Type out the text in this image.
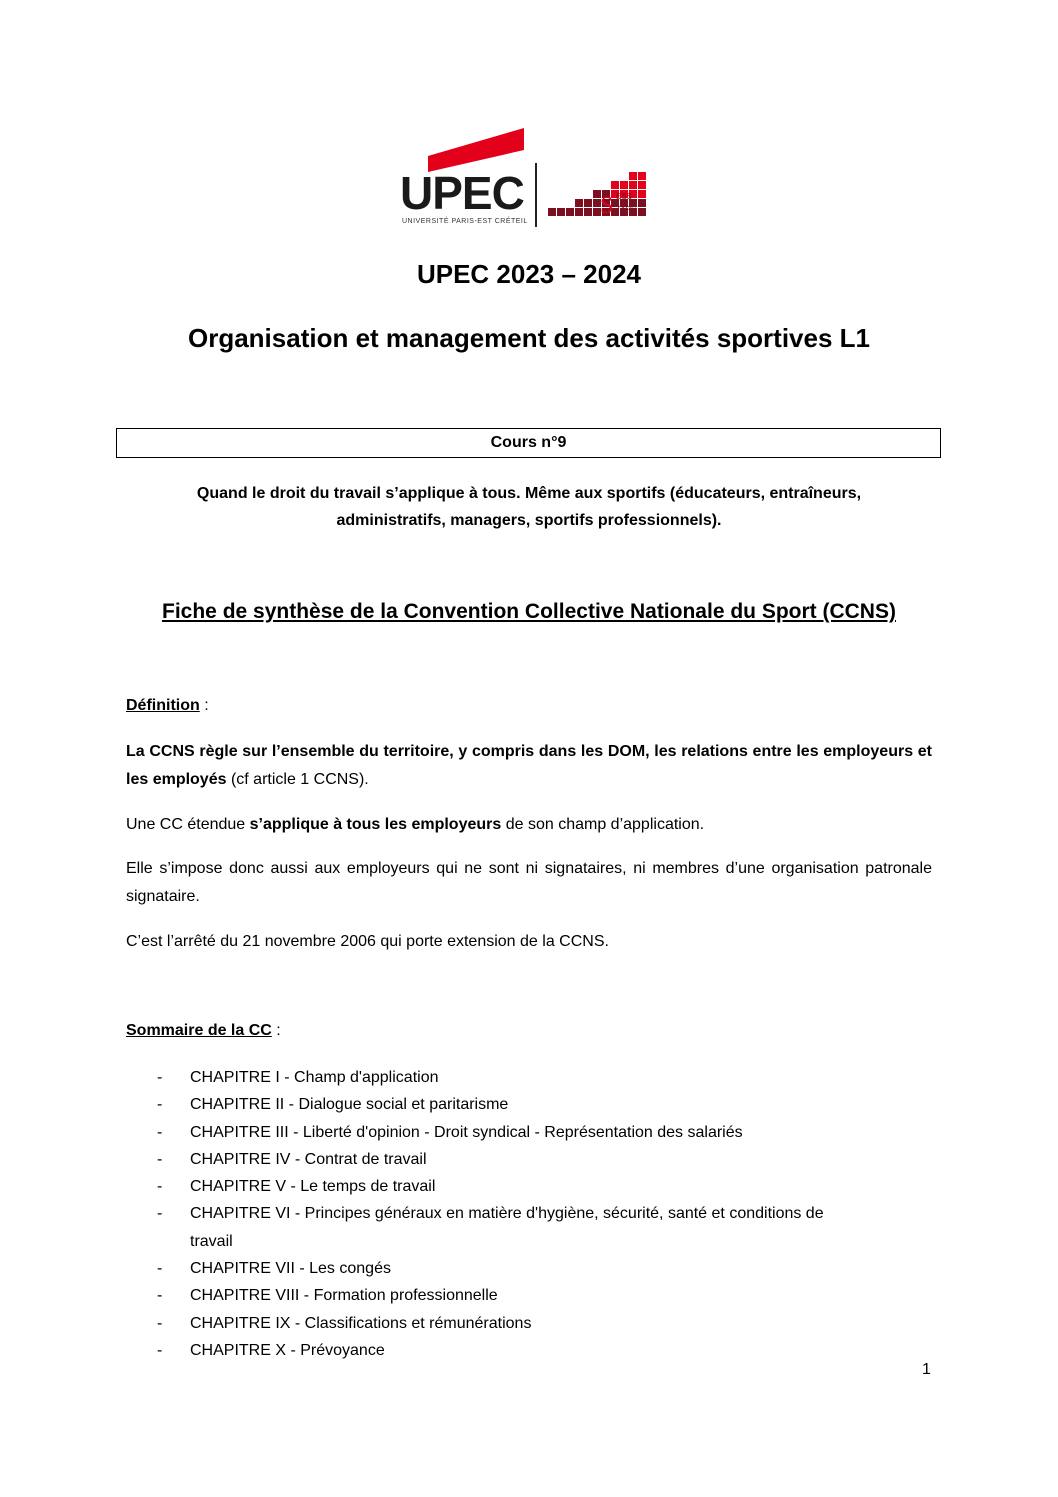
UPEC
UNIVERSITÉ PARIS-EST CRÉTEIL
S ESS
TAPS
UPEC 2023 – 2024
Organisation et management des activités sportives L1
Cours n°9
Quand le droit du travail s’applique à tous. Même aux sportifs (éducateurs, entraîneurs,
administratifs, managers, sportifs professionnels).
Fiche de synthèse de la Convention Collective Nationale du Sport (CCNS)
Définition :
La CCNS règle sur l’ensemble du territoire, y compris dans les DOM, les relations entre les employeurs et les employés (cf article 1 CCNS).
Une CC étendue s’applique à tous les employeurs de son champ d’application.
Elle s’impose donc aussi aux employeurs qui ne sont ni signataires, ni membres d’une organisation patronale signataire.
C’est l’arrêté du 21 novembre 2006 qui porte extension de la CCNS.
Sommaire de la CC :
- CHAPITRE I - Champ d'application
- CHAPITRE II - Dialogue social et paritarisme
- CHAPITRE III - Liberté d'opinion - Droit syndical - Représentation des salariés
- CHAPITRE IV - Contrat de travail
- CHAPITRE V - Le temps de travail
- CHAPITRE VI - Principes généraux en matière d'hygiène, sécurité, santé et conditions de travail
- CHAPITRE VII - Les congés
- CHAPITRE VIII - Formation professionnelle
- CHAPITRE IX - Classifications et rémunérations
- CHAPITRE X - Prévoyance
1
